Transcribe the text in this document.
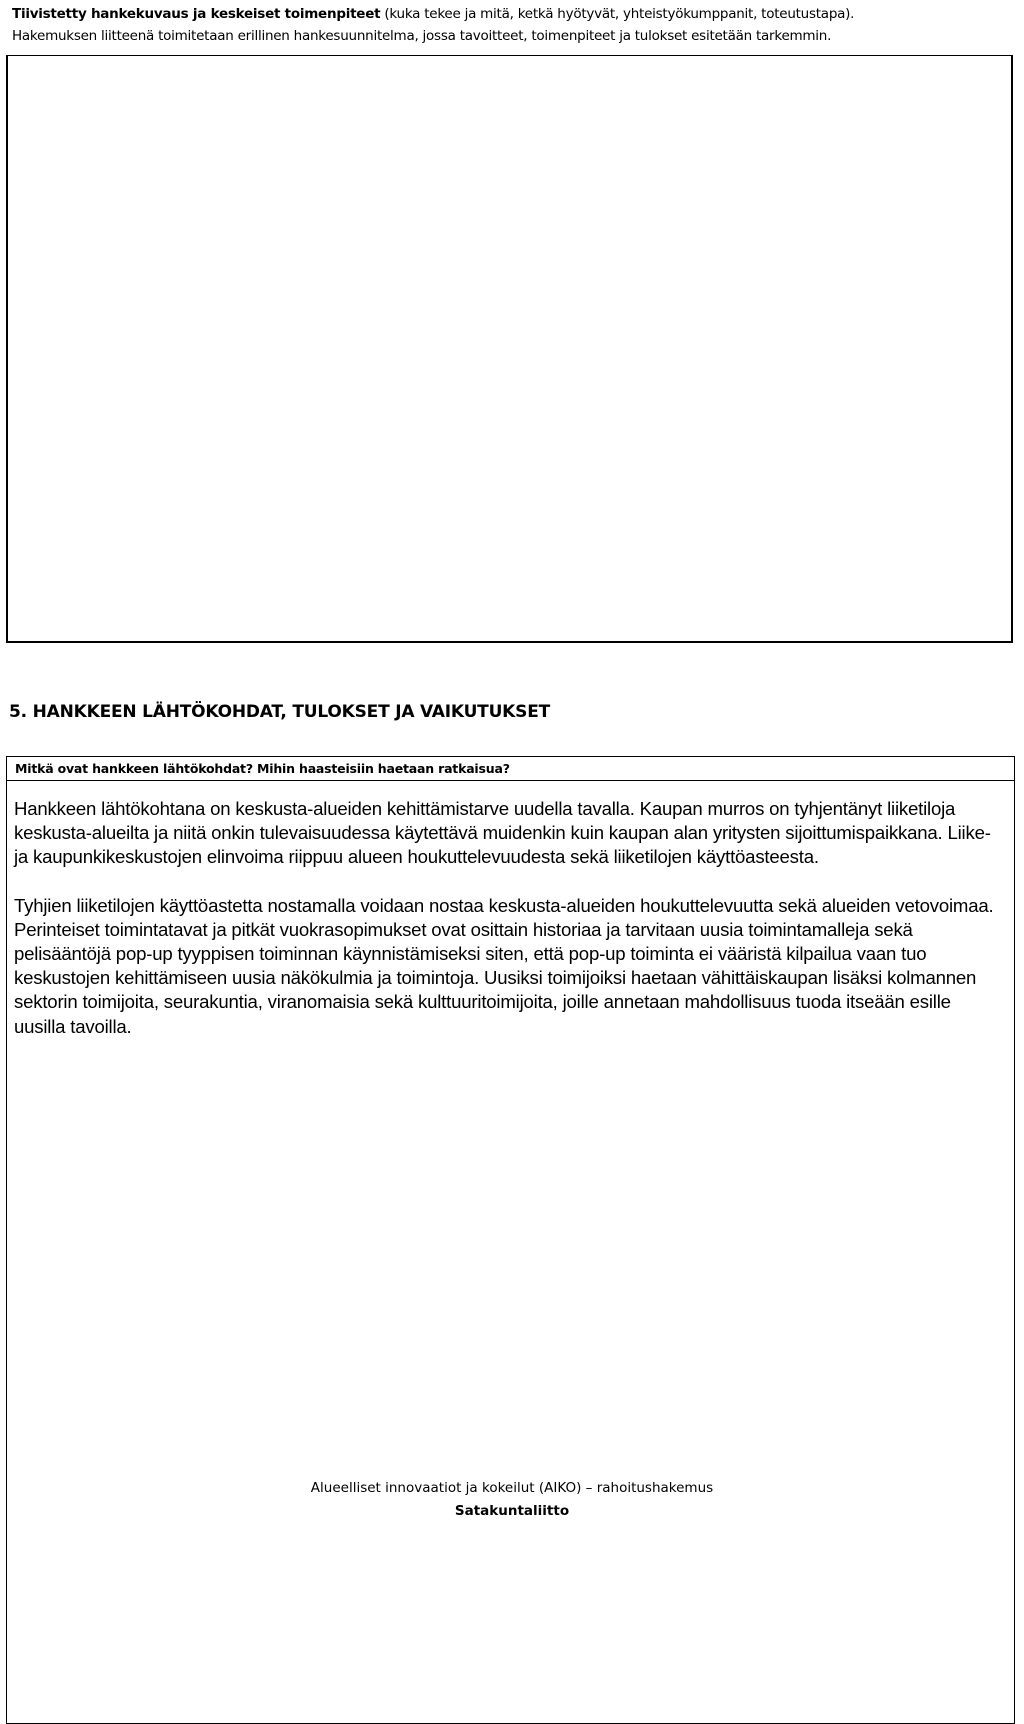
Tiivistetty hankekuvaus ja keskeiset toimenpiteet (kuka tekee ja mitä, ketkä hyötyvät, yhteistyökumppanit, toteutustapa).
Hakemuksen liitteenä toimitetaan erillinen hankesuunnitelma, jossa tavoitteet, toimenpiteet ja tulokset esitetään tarkemmin.
5. HANKKEEN LÄHTÖKOHDAT, TULOKSET JA VAIKUTUKSET
Mitkä ovat hankkeen lähtökohdat? Mihin haasteisiin haetaan ratkaisua?

Hankkeen lähtökohtana on keskusta-alueiden kehittämistarve uudella tavalla. Kaupan murros on tyhjentänyt liiketiloja keskusta-alueilta ja niitä onkin tulevaisuudessa käytettävä muidenkin kuin kaupan alan yritysten sijoittumispaikkana. Liike- ja kaupunkikeskustojen elinvoima riippuu alueen houkuttelevuudesta sekä liiketilojen käyttöasteesta.

Tyhjien liiketilojen käyttöastetta nostamalla voidaan nostaa keskusta-alueiden houkuttelevuutta sekä alueiden vetovoimaa. Perinteiset toimintatavat ja pitkät vuokrasopimukset ovat osittain historiaa ja tarvitaan uusia toimintamalleja sekä pelisääntöjä pop-up tyyppisen toiminnan käynnistämiseksi siten, että pop-up toiminta ei vääristä kilpailua vaan tuo keskustojen kehittämiseen uusia näkökulmia ja toimintoja. Uusiksi toimijoiksi haetaan vähittäiskaupan lisäksi kolmannen sektorin toimijoita, seurakuntia, viranomaisia sekä kulttuuritoimijoita, joille annetaan mahdollisuus tuoda itseään esille uusilla tavoilla.

Alueelliset innovaatiot ja kokeilut (AIKO) – rahoitushakemus
Satakuntaliitto
